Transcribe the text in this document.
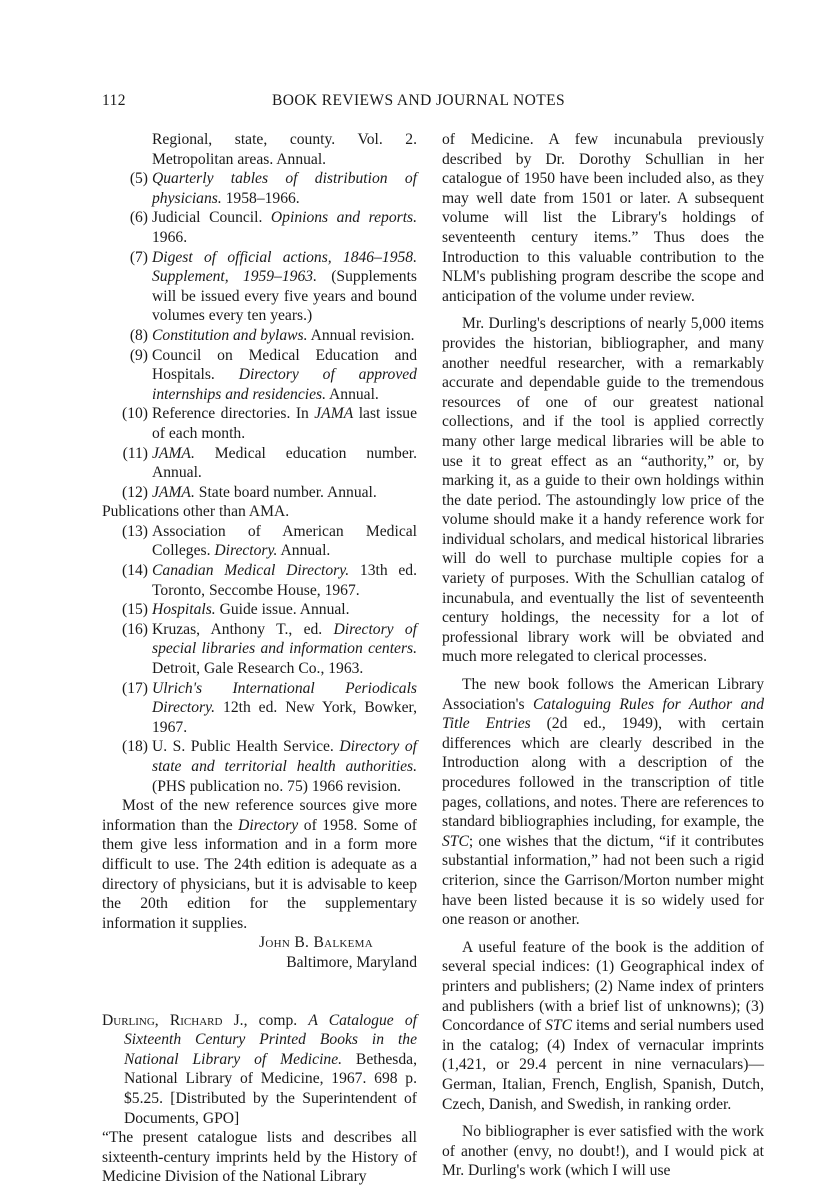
112	BOOK REVIEWS AND JOURNAL NOTES

Regional, state, county. Vol. 2. Metropolitan areas. Annual.

(5) Quarterly tables of distribution of physicians. 1958–1966.
(6) Judicial Council. Opinions and reports. 1966.
(7) Digest of official actions, 1846–1958. Supplement, 1959–1963. (Supplements will be issued every five years and bound volumes every ten years.)
(8) Constitution and bylaws. Annual revision.
(9) Council on Medical Education and Hospitals. Directory of approved internships and residencies. Annual.
(10) Reference directories. In JAMA last issue of each month.
(11) JAMA. Medical education number. Annual.
(12) JAMA. State board number. Annual.

Publications other than AMA.

(13) Association of American Medical Colleges. Directory. Annual.
(14) Canadian Medical Directory. 13th ed. Toronto, Seccombe House, 1967.
(15) Hospitals. Guide issue. Annual.
(16) Kruzas, Anthony T., ed. Directory of special libraries and information centers. Detroit, Gale Research Co., 1963.
(17) Ulrich's International Periodicals Directory. 12th ed. New York, Bowker, 1967.
(18) U. S. Public Health Service. Directory of state and territorial health authorities. (PHS publication no. 75) 1966 revision.

Most of the new reference sources give more information than the Directory of 1958. Some of them give less information and in a form more difficult to use. The 24th edition is adequate as a directory of physicians, but it is advisable to keep the 20th edition for the supplementary information it supplies.

John B. Balkema

Baltimore, Maryland

Durling, Richard J., comp. A Catalogue of Sixteenth Century Printed Books in the National Library of Medicine. Bethesda, National Library of Medicine, 1967. 698 p. $5.25. [Distributed by the Superintendent of Documents, GPO]

“The present catalogue lists and describes all sixteenth-century imprints held by the History of Medicine Division of the National Library

of Medicine. A few incunabula previously described by Dr. Dorothy Schullian in her catalogue of 1950 have been included also, as they may well date from 1501 or later. A subsequent volume will list the Library's holdings of seventeenth century items.” Thus does the Introduction to this valuable contribution to the NLM's publishing program describe the scope and anticipation of the volume under review.

Mr. Durling's descriptions of nearly 5,000 items provides the historian, bibliographer, and many another needful researcher, with a remarkably accurate and dependable guide to the tremendous resources of one of our greatest national collections, and if the tool is applied correctly many other large medical libraries will be able to use it to great effect as an “authority,” or, by marking it, as a guide to their own holdings within the date period. The astoundingly low price of the volume should make it a handy reference work for individual scholars, and medical historical libraries will do well to purchase multiple copies for a variety of purposes. With the Schullian catalog of incunabula, and eventually the list of seventeenth century holdings, the necessity for a lot of professional library work will be obviated and much more relegated to clerical processes.

The new book follows the American Library Association's Cataloguing Rules for Author and Title Entries (2d ed., 1949), with certain differences which are clearly described in the Introduction along with a description of the procedures followed in the transcription of title pages, collations, and notes. There are references to standard bibliographies including, for example, the STC; one wishes that the dictum, “if it contributes substantial information,” had not been such a rigid criterion, since the Garrison/Morton number might have been listed because it is so widely used for one reason or another.

A useful feature of the book is the addition of several special indices: (1) Geographical index of printers and publishers; (2) Name index of printers and publishers (with a brief list of unknowns); (3) Concordance of STC items and serial numbers used in the catalog; (4) Index of vernacular imprints (1,421, or 29.4 percent in nine vernaculars)—German, Italian, French, English, Spanish, Dutch, Czech, Danish, and Swedish, in ranking order.

No bibliographer is ever satisfied with the work of another (envy, no doubt!), and I would pick at Mr. Durling's work (which I will use
